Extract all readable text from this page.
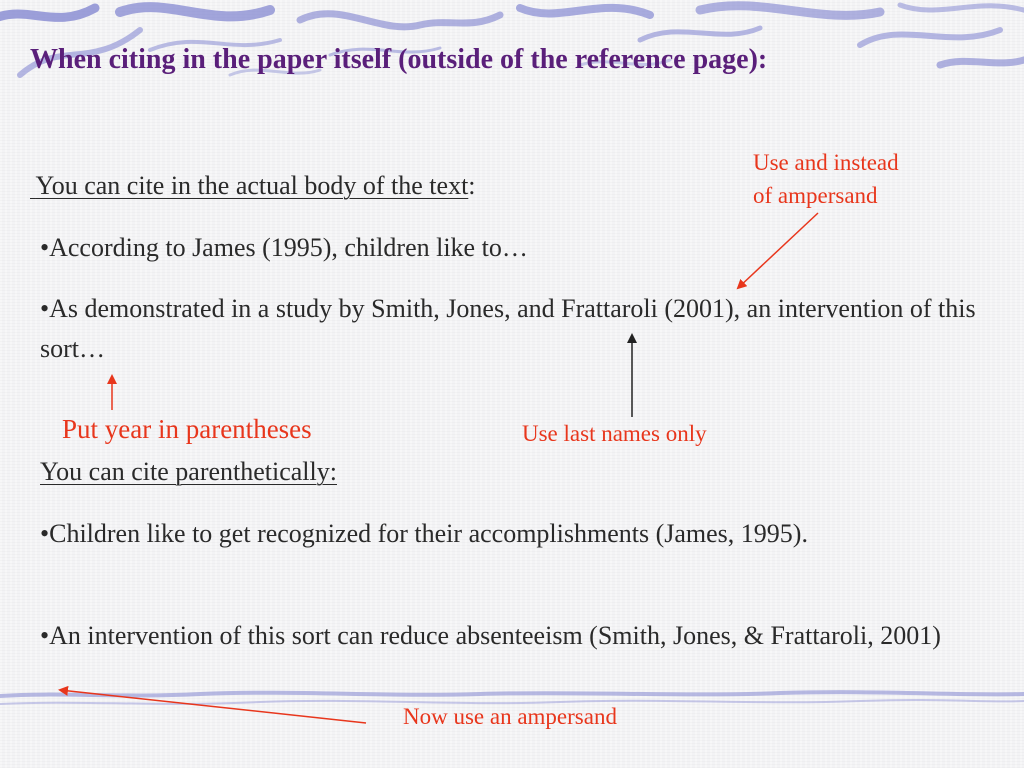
When citing in the paper itself (outside of the reference page):

You can cite in the actual body of the text:

•According to James (1995), children like to…

•As demonstrated in a study by Smith, Jones, and Frattaroli (2001), an intervention of this sort…

You can cite parenthetically:

•Children like to get recognized for their accomplishments (James, 1995).

•An intervention of this sort can reduce absenteeism (Smith, Jones, & Frattaroli, 2001)

Use and instead
of ampersand

Put year in parentheses	Use last names only

Now use an ampersand
